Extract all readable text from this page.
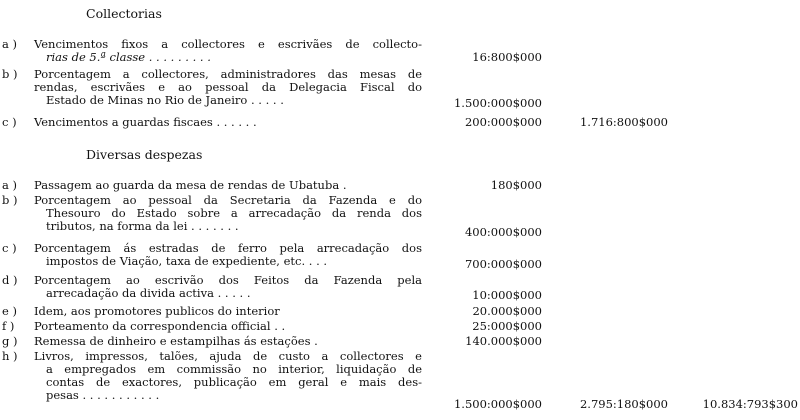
Collectorias
a ) Vencimentos fixos a collectores e escrivães de collecto-
rias de 5.ª classe . . . . . . . . .	16:800$000
b ) Porcentagem a collectores, administradores das mesas de
rendas, escrivães e ao pessoal da Delegacia Fiscal do
Estado de Minas no Rio de Janeiro . . . . .	1.500:000$000
c ) Vencimentos a guardas fiscaes . . . . . .	200:000$000	1.716:800$000
Diversas despezas
a ) Passagem ao guarda da mesa de rendas de Ubatuba .	180$000
b ) Porcentagem ao pessoal da Secretaria da Fazenda e do
Thesouro do Estado sobre a arrecadação da renda dos
tributos, na forma da lei . . . . . . .	400:000$000
c ) Porcentagem ás estradas de ferro pela arrecadação dos
impostos de Viação, taxa de expediente, etc. . . .	700:000$000
d ) Porcentagem ao escrivão dos Feitos da Fazenda pela
arrecadação da divida activa . . . . .	10:000$000
e ) Idem, aos promotores publicos do interior	20.000$000
f ) Porteamento da correspondencia official . .	25:000$000
g ) Remessa de dinheiro e estampilhas ás estações .	140.000$000
h ) Livros, impressos, talões, ajuda de custo a collectores e
a empregados em commissão no interior, liquidação de
contas de exactores, publicação em geral e mais des-
pesas . . . . . . . . . . .
1.500:000$000	2.795:180$000	10.834:793$300
